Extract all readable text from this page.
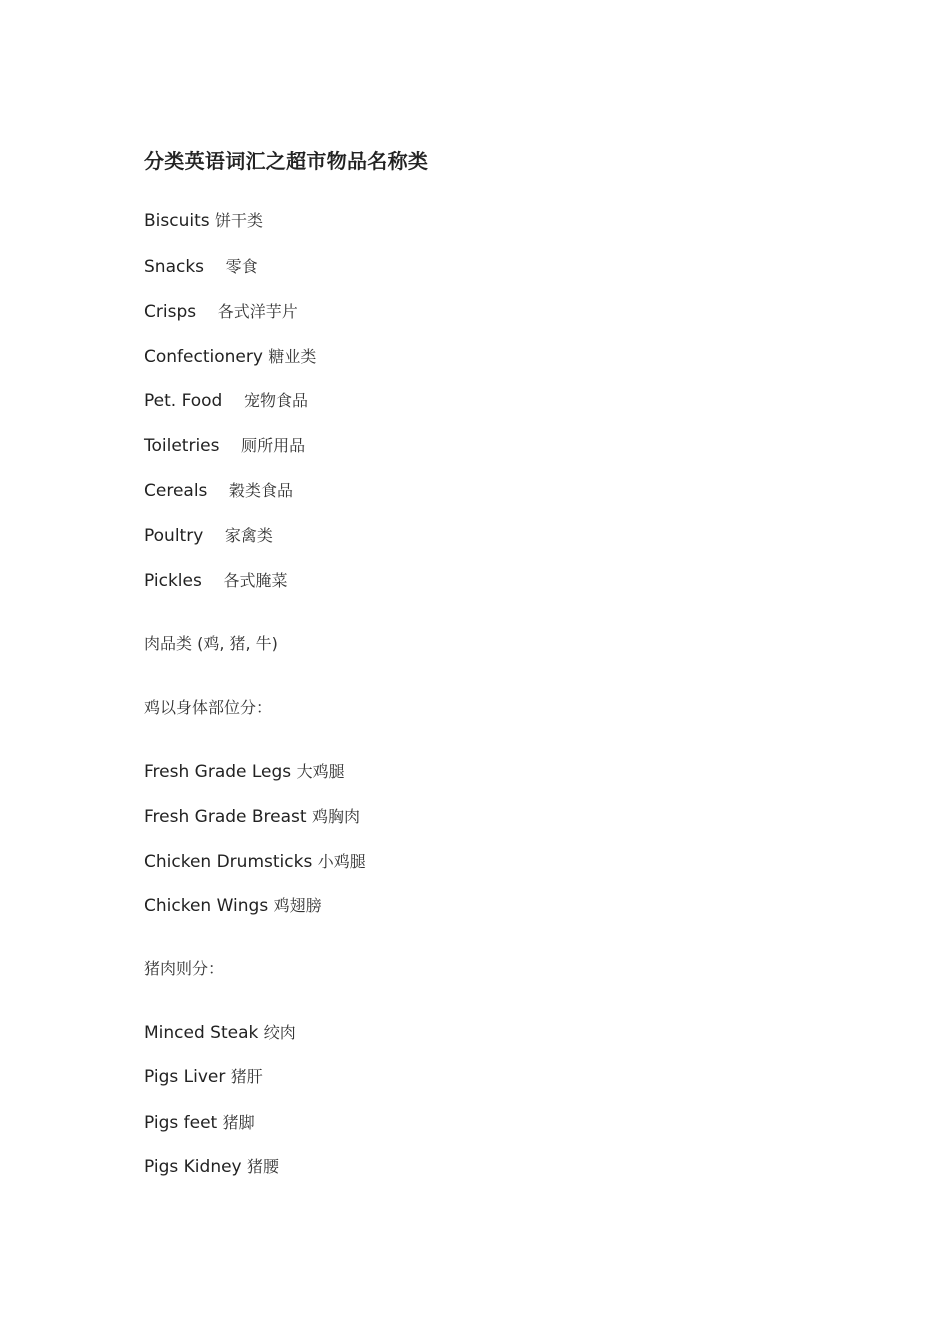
分类英语词汇之超市物品名称类
Biscuits 饼干类
Snacks 零食
Crisps 各式洋芋片
Confectionery 糖业类
Pet. Food 宠物食品
Toiletries 厕所用品
Cereals 穀类食品
Poultry 家禽类
Pickles 各式腌菜
肉品类 (鸡, 猪, 牛)
鸡以身体部位分：
Fresh Grade Legs 大鸡腿
Fresh Grade Breast 鸡胸肉
Chicken Drumsticks 小鸡腿
Chicken Wings 鸡翅膀
猪肉则分：
Minced Steak 绞肉
Pigs Liver 猪肝
Pigs feet 猪脚
Pigs Kidney 猪腰
